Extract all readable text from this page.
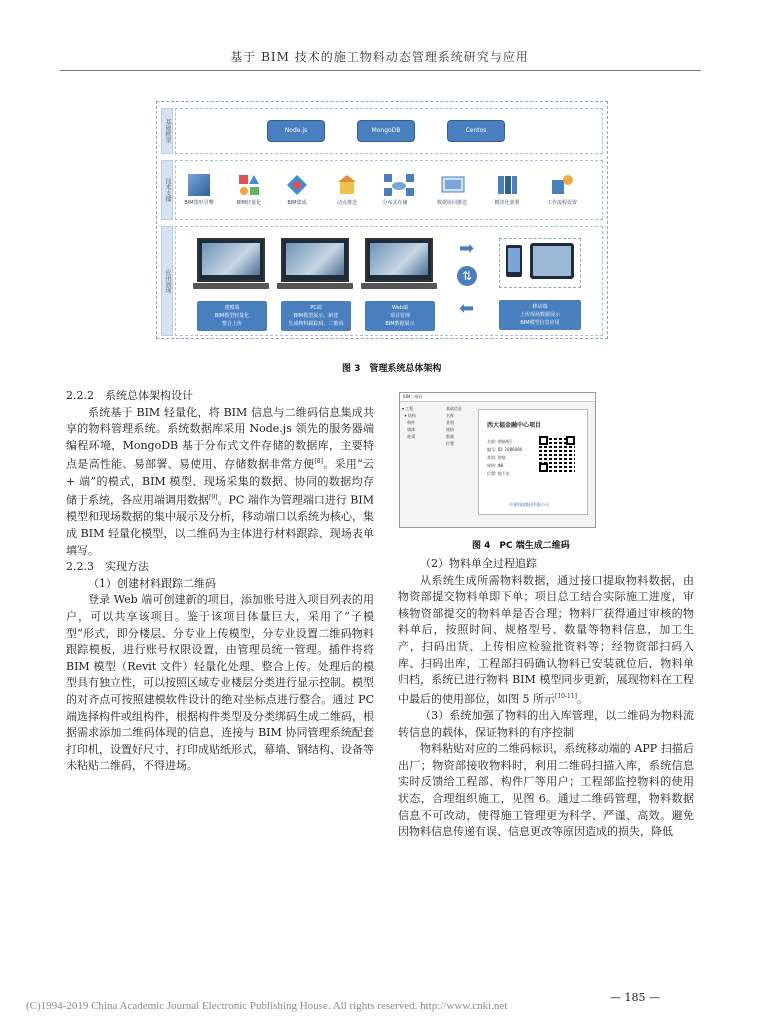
基于 BIM 技术的施工物料动态管理系统研究与应用
基础框架	Node.js	MongoDB	Centos
技术支撑
BIM图形引擎	BIM轻量化	BIM集成	动点推送	分布式存储	数据协同推送	模块化部署	工作流程设置
应用展现
建模端
BIM模型轻量化
整合上传
PC端
BIM模型展示、新建
生成物料跟踪码、二维码
Web端
项目管理
BIM数据展示
➡
⇅
⬅	移动端
上传现场数据展示
BIM模型信息应用
图 3　管理系统总体架构
2.2.2　系统总体架构设计

系统基于 BIM 轻量化，将 BIM 信息与二维码信息集成共享的物料管理系统。系统数据库采用 Node.js 领先的服务器端编程环境，MongoDB 基于分布式文件存储的数据库，主要特点是高性能、易部署、易使用、存储数据非常方便[8]。采用“云 + 端”的模式，BIM 模型、现场采集的数据、协同的数据均存储于系统，各应用端调用数据[9]。PC 端作为管理端口进行 BIM 模型和现场数据的集中展示及分析，移动端口以系统为核心，集成 BIM 轻量化模型，以二维码为主体进行材料跟踪、现场表单填写。

2.2.3　实现方法
（1）创建材料跟踪二维码

登录 Web 端可创建新的项目，添加账号进入项目列表的用户，可以共享该项目。鉴于该项目体量巨大，采用了“子模型”形式，即分楼层、分专业上传模型，分专业设置二维码物料跟踪模板，进行账号权限设置，由管理员统一管理。插件将将 BIM 模型（Revit 文件）轻量化处理、整合上传。处理后的模型具有独立性，可以按照区域专业楼层分类进行显示控制。模型的对齐点可按照建模软件设计的绝对坐标点进行整合。通过 PC 端选择构件或组构件，根据构件类型及分类绑码生成二维码，根据需求添加二维码体现的信息，连接与 BIM 协同管理系统配套打印机，设置好尺寸，打印成贴纸形式，幕墙、钢结构、设备等未粘贴二维码，不得进场。

BIM二维码
▾ 工程
▾ 结构
构件
墙体
柱梁
基础信息
名称
类别
规格
数量
位置
西大福金融中心项目
名称: 钢筋A区
编号: ID: 2086090
类别: 钢筋
规格: Φ8
位置: 地下室
中建科技集团有限公司
图 4　PC 端生成二维码
（2）物料单全过程追踪

从系统生成所需物料数据，通过接口提取物料数据，由物资部提交物料单即下单；项目总工结合实际施工进度，审核物资部提交的物料单是否合理；物料厂获得通过审核的物料单后，按照时间、规格型号、数量等物料信息，加工生产，扫码出货、上传相应检验批资料等；经物资部扫码入库、扫码出库，工程部扫码确认物料已安装就位后，物料单归档，系统已进行物料 BIM 模型同步更新，展现物料在工程中最后的使用部位，如图 5 所示[10-11]。

（3）系统加强了物料的出入库管理，以二维码为物料流转信息的载体，保证物料的有序控制

物料粘贴对应的二维码标识，系统移动端的 APP 扫描后出厂；物资部接收物料时，利用二维码扫描入库，系统信息实时反馈给工程部、构件厂等用户；工程部监控物料的使用状态，合理组织施工，见图 6。通过二维码管理，物料数据信息不可改动，使得施工管理更为科学、严谨、高效。避免因物料信息传递有误、信息更改等原因造成的损失，降低

— 185 —
(C)1994-2019 China Academic Journal Electronic Publishing House. All rights reserved. http://www.cnki.net
